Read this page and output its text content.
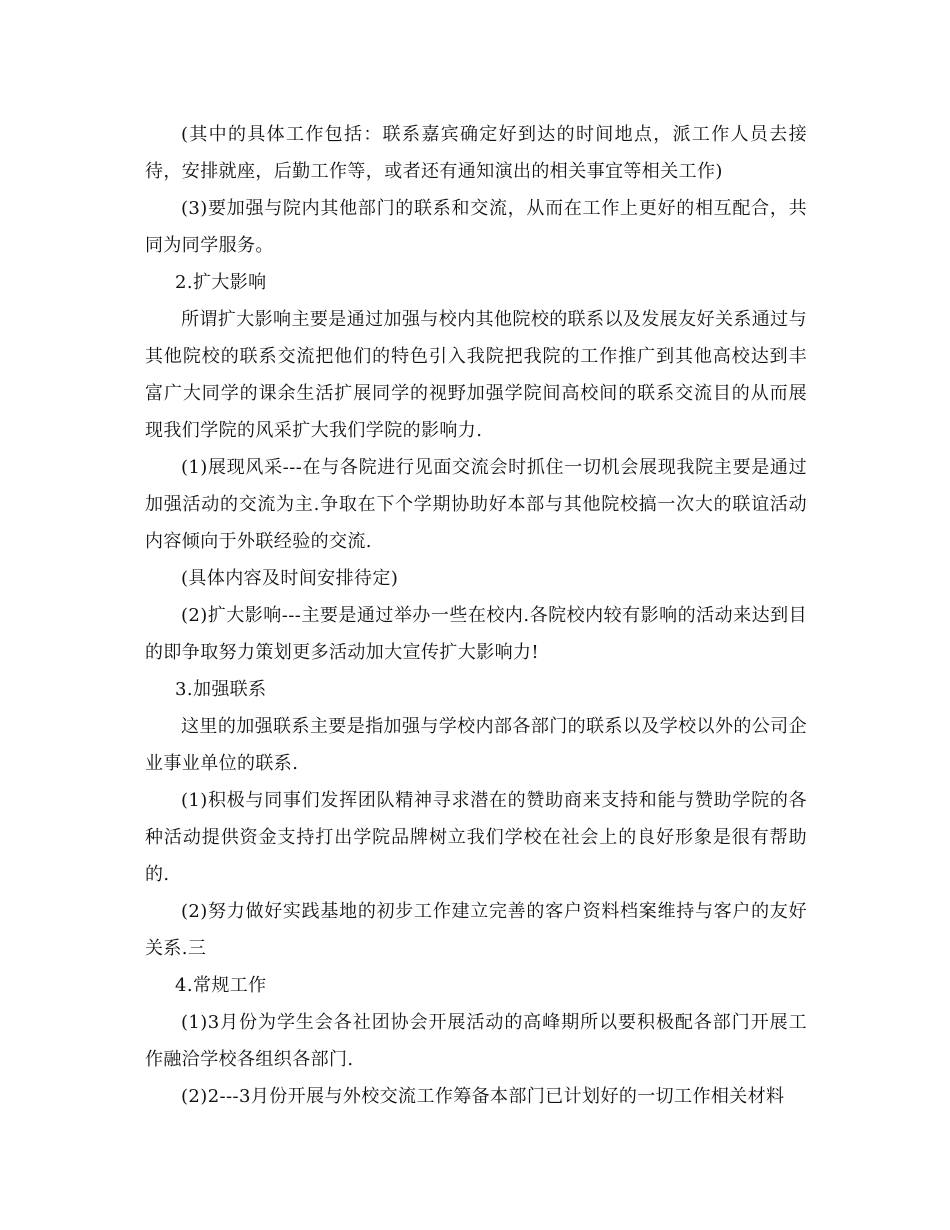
(其中的具体工作包括：联系嘉宾确定好到达的时间地点，派工作人员去接待，安排就座，后勤工作等，或者还有通知演出的相关事宜等相关工作)

(3)要加强与院内其他部门的联系和交流，从而在工作上更好的相互配合，共同为同学服务。

2.扩大影响

所谓扩大影响主要是通过加强与校内其他院校的联系以及发展友好关系通过与其他院校的联系交流把他们的特色引入我院把我院的工作推广到其他高校达到丰富广大同学的课余生活扩展同学的视野加强学院间高校间的联系交流目的从而展现我们学院的风采扩大我们学院的影响力.

(1)展现风采---在与各院进行见面交流会时抓住一切机会展现我院主要是通过加强活动的交流为主.争取在下个学期协助好本部与其他院校搞一次大的联谊活动内容倾向于外联经验的交流.

(具体内容及时间安排待定)

(2)扩大影响---主要是通过举办一些在校内.各院校内较有影响的活动来达到目的即争取努力策划更多活动加大宣传扩大影响力!

3.加强联系

这里的加强联系主要是指加强与学校内部各部门的联系以及学校以外的公司企业事业单位的联系.

(1)积极与同事们发挥团队精神寻求潜在的赞助商来支持和能与赞助学院的各种活动提供资金支持打出学院品牌树立我们学校在社会上的良好形象是很有帮助的.

(2)努力做好实践基地的初步工作建立完善的客户资料档案维持与客户的友好关系.三

4.常规工作

(1)3月份为学生会各社团协会开展活动的高峰期所以要积极配各部门开展工作融洽学校各组织各部门.

(2)2---3月份开展与外校交流工作筹备本部门已计划好的一切工作相关材料
